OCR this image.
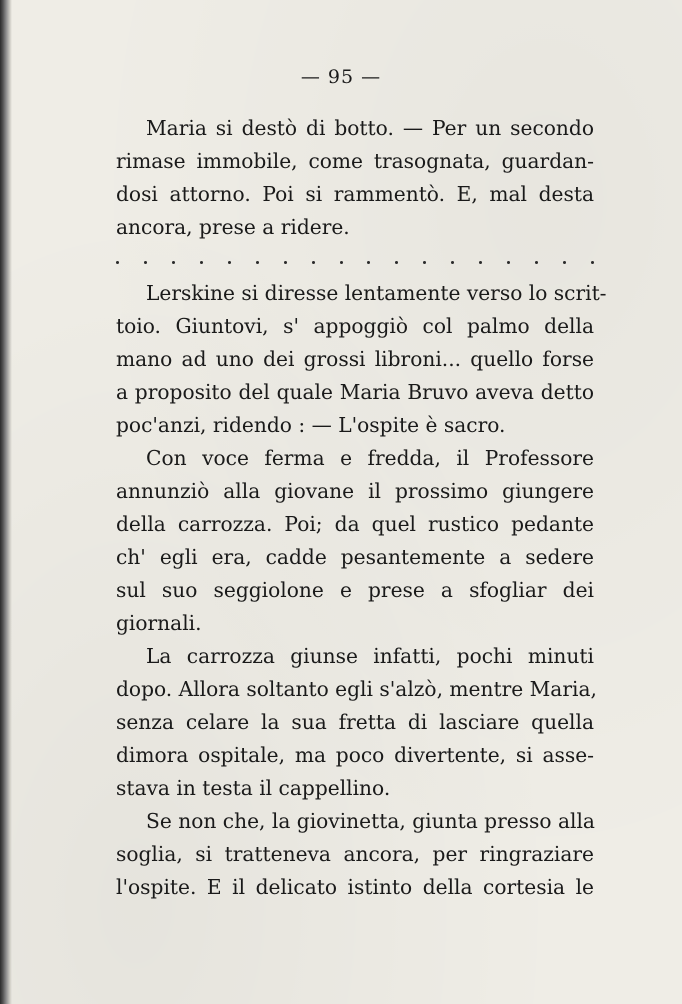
— 95 —
Maria si destò di botto. — Per un secondo
rimase immobile, come trasognata, guardan-
dosi attorno. Poi si rammentò. E, mal desta
ancora, prese a ridere.
Lerskine si diresse lentamente verso lo scrit-
toio. Giuntovi, s' appoggiò col palmo della
mano ad uno dei grossi libroni... quello forse
a proposito del quale Maria Bruvo aveva detto
poc'anzi, ridendo : — L'ospite è sacro.
Con voce ferma e fredda, il Professore
annunziò alla giovane il prossimo giungere
della carrozza. Poi; da quel rustico pedante
ch' egli era, cadde pesantemente a sedere
sul suo seggiolone e prese a sfogliar dei
giornali.
La carrozza giunse infatti, pochi minuti
dopo. Allora soltanto egli s'alzò, mentre Maria,
senza celare la sua fretta di lasciare quella
dimora ospitale, ma poco divertente, si asse-
stava in testa il cappellino.
Se non che, la giovinetta, giunta presso alla
soglia, si tratteneva ancora, per ringraziare
l'ospite. E il delicato istinto della cortesia le
